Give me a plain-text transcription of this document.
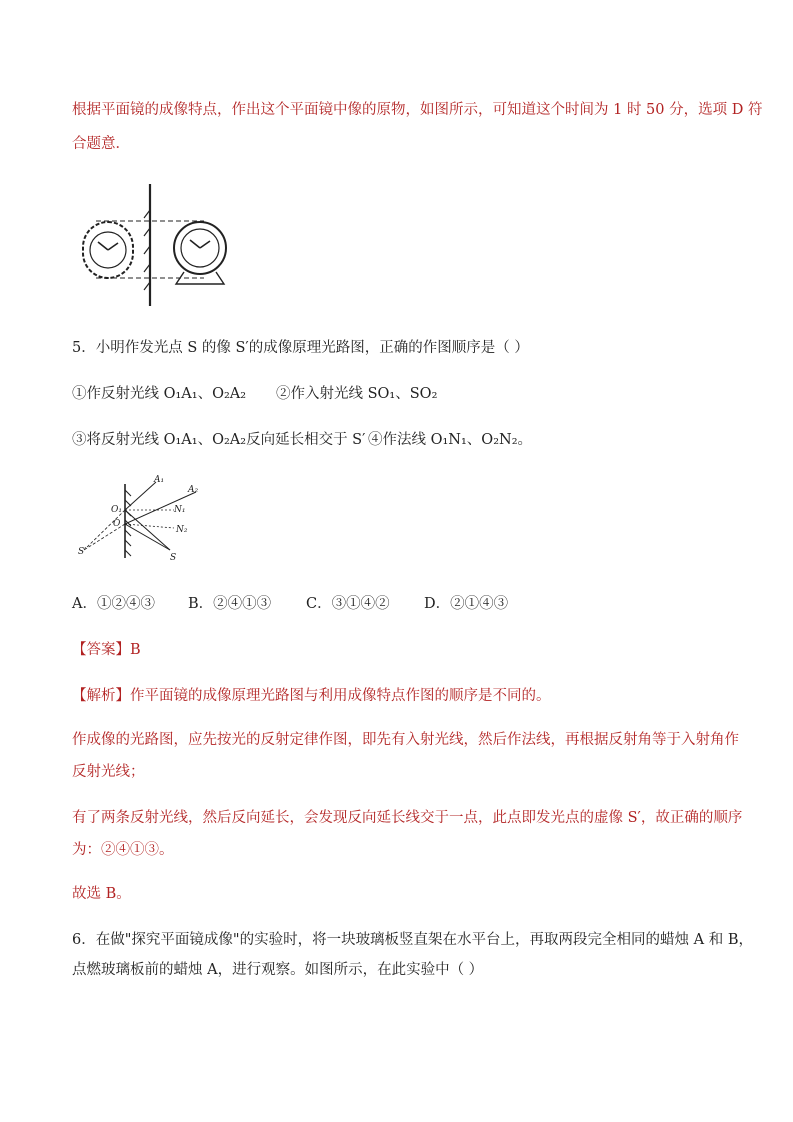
根据平面镜的成像特点，作出这个平面镜中像的原物，如图所示，可知道这个时间为 1 时 50 分，选项 D 符
合题意．
5．小明作发光点 S 的像 S′的成像原理光路图，正确的作图顺序是（ ）
①作反射光线 O₁A₁、O₂A₂ ②作入射光线 SO₁、SO₂
③将反射光线 O₁A₁、O₂A₂反向延长相交于 S′ ④作法线 O₁N₁、O₂N₂。
A₁
A₂
N₁
N₂
O₁
O
S
S′
A．①②④③ B．②④①③ C．③①④② D．②①④③
【答案】B
【解析】作平面镜的成像原理光路图与利用成像特点作图的顺序是不同的。
作成像的光路图，应先按光的反射定律作图，即先有入射光线，然后作法线，再根据反射角等于入射角作
反射光线；
有了两条反射光线，然后反向延长，会发现反向延长线交于一点，此点即发光点的虚像 S′，故正确的顺序
为：②④①③。
故选 B。
6．在做"探究平面镜成像"的实验时，将一块玻璃板竖直架在水平台上，再取两段完全相同的蜡烛 A 和 B，
点燃玻璃板前的蜡烛 A，进行观察。如图所示，在此实验中（ ）
